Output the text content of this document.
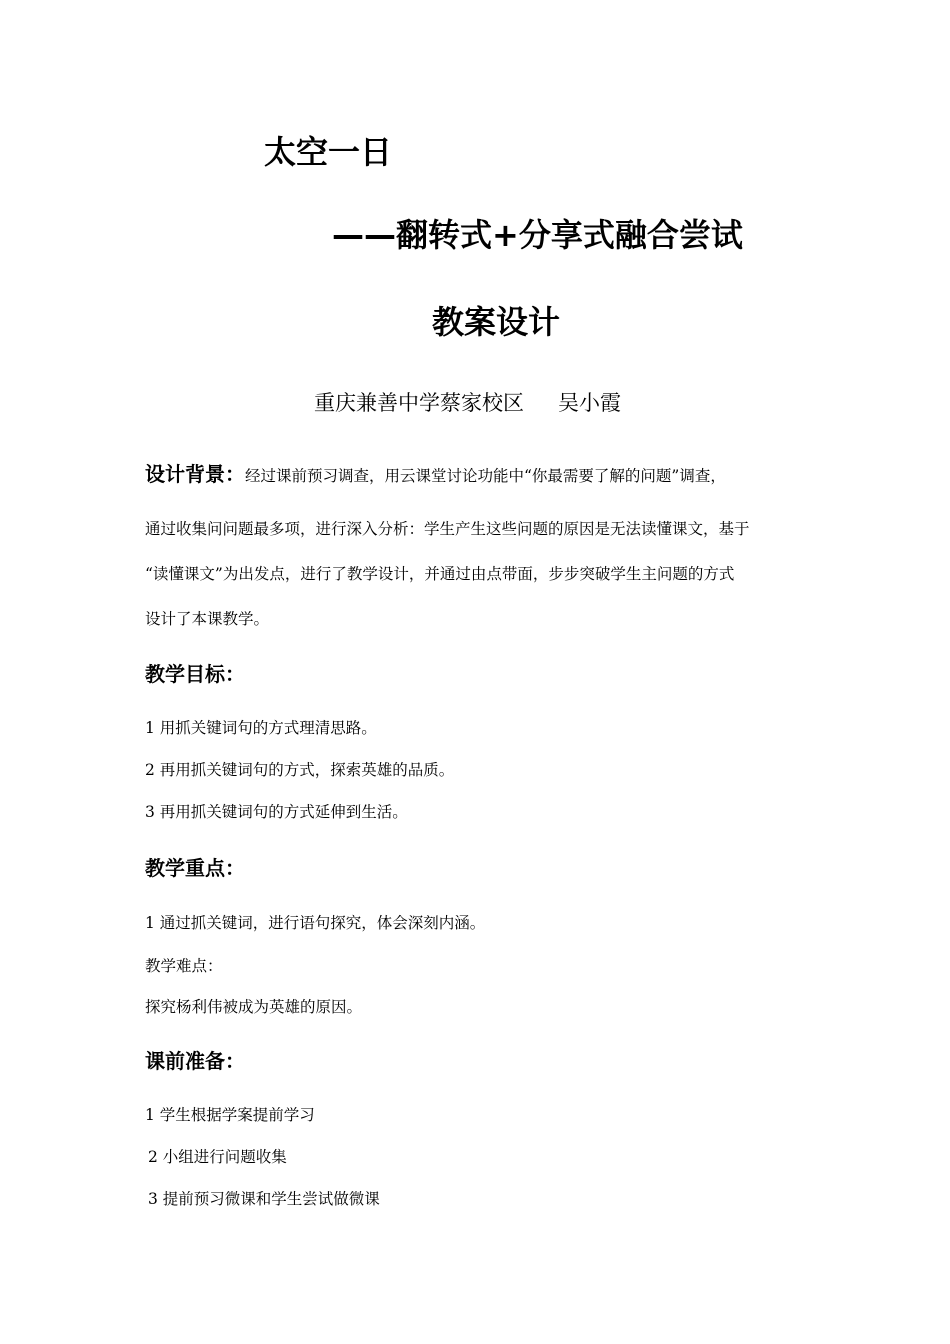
太空一日
——翻转式+分享式融合尝试
教案设计
重庆兼善中学蔡家校区 吴小霞
设计背景：经过课前预习调查，用云课堂讨论功能中“你最需要了解的问题”调查，
通过收集问问题最多项，进行深入分析：学生产生这些问题的原因是无法读懂课文，基于
“读懂课文”为出发点，进行了教学设计，并通过由点带面，步步突破学生主问题的方式
设计了本课教学。
教学目标：
1 用抓关键词句的方式理清思路。
2 再用抓关键词句的方式，探索英雄的品质。
3 再用抓关键词句的方式延伸到生活。
教学重点：
1 通过抓关键词，进行语句探究，体会深刻内涵。
教学难点：
探究杨利伟被成为英雄的原因。
课前准备：
1 学生根据学案提前学习
2 小组进行问题收集
3 提前预习微课和学生尝试做微课
